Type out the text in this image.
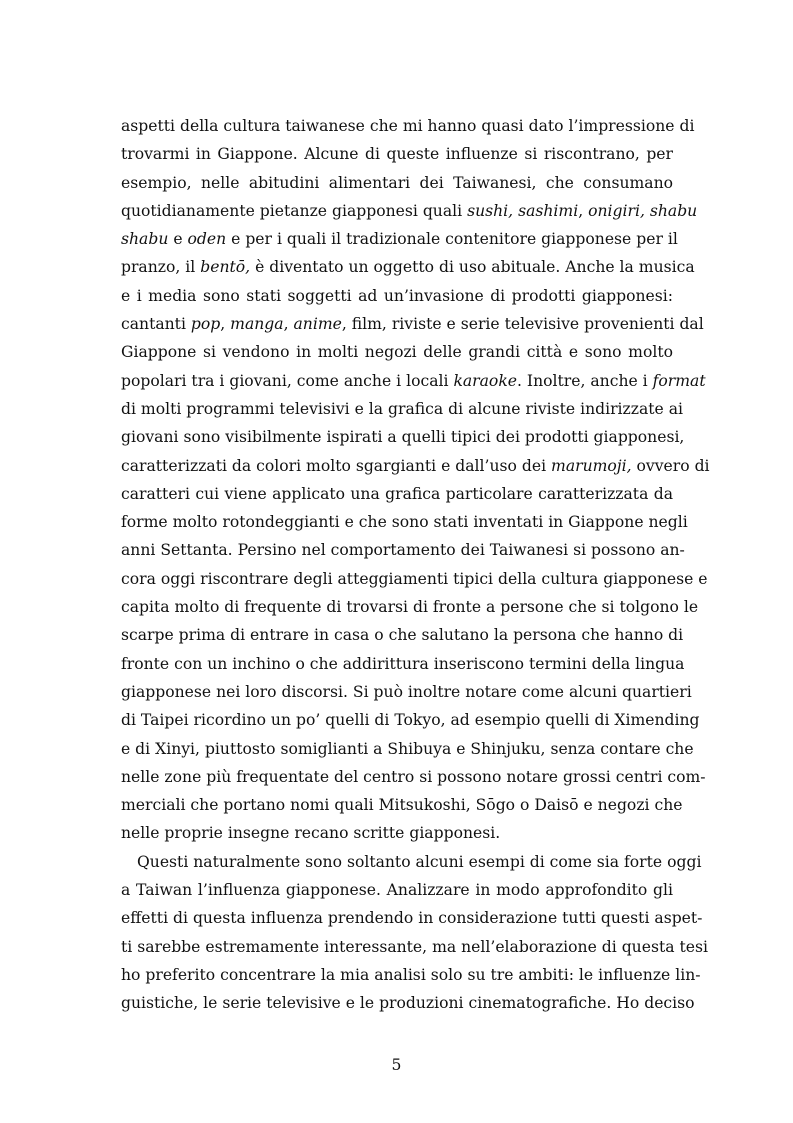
aspetti della cultura taiwanese che mi hanno quasi dato l’impressione di
trovarmi in Giappone. Alcune di queste influenze si riscontrano, per
esempio, nelle abitudini alimentari dei Taiwanesi, che consumano
quotidianamente pietanze giapponesi quali sushi, sashimi, onigiri, shabu
shabu e oden e per i quali il tradizionale contenitore giapponese per il
pranzo, il bentō, è diventato un oggetto di uso abituale. Anche la musica
e i media sono stati soggetti ad un’invasione di prodotti giapponesi:
cantanti pop, manga, anime, film, riviste e serie televisive provenienti dal
Giappone si vendono in molti negozi delle grandi città e sono molto
popolari tra i giovani, come anche i locali karaoke. Inoltre, anche i format
di molti programmi televisivi e la grafica di alcune riviste indirizzate ai
giovani sono visibilmente ispirati a quelli tipici dei prodotti giapponesi,
caratterizzati da colori molto sgargianti e dall’uso dei marumoji, ovvero di
caratteri cui viene applicato una grafica particolare caratterizzata da
forme molto rotondeggianti e che sono stati inventati in Giappone negli
anni Settanta. Persino nel comportamento dei Taiwanesi si possono an-
cora oggi riscontrare degli atteggiamenti tipici della cultura giapponese e
capita molto di frequente di trovarsi di fronte a persone che si tolgono le
scarpe prima di entrare in casa o che salutano la persona che hanno di
fronte con un inchino o che addirittura inseriscono termini della lingua
giapponese nei loro discorsi. Si può inoltre notare come alcuni quartieri
di Taipei ricordino un po’ quelli di Tokyo, ad esempio quelli di Ximending
e di Xinyi, piuttosto somiglianti a Shibuya e Shinjuku, senza contare che
nelle zone più frequentate del centro si possono notare grossi centri com-
merciali che portano nomi quali Mitsukoshi, Sōgo o Daisō e negozi che
nelle proprie insegne recano scritte giapponesi.
Questi naturalmente sono soltanto alcuni esempi di come sia forte oggi
a Taiwan l’influenza giapponese. Analizzare in modo approfondito gli
effetti di questa influenza prendendo in considerazione tutti questi aspet-
ti sarebbe estremamente interessante, ma nell’elaborazione di questa tesi
ho preferito concentrare la mia analisi solo su tre ambiti: le influenze lin-
guistiche, le serie televisive e le produzioni cinematografiche. Ho deciso
5
